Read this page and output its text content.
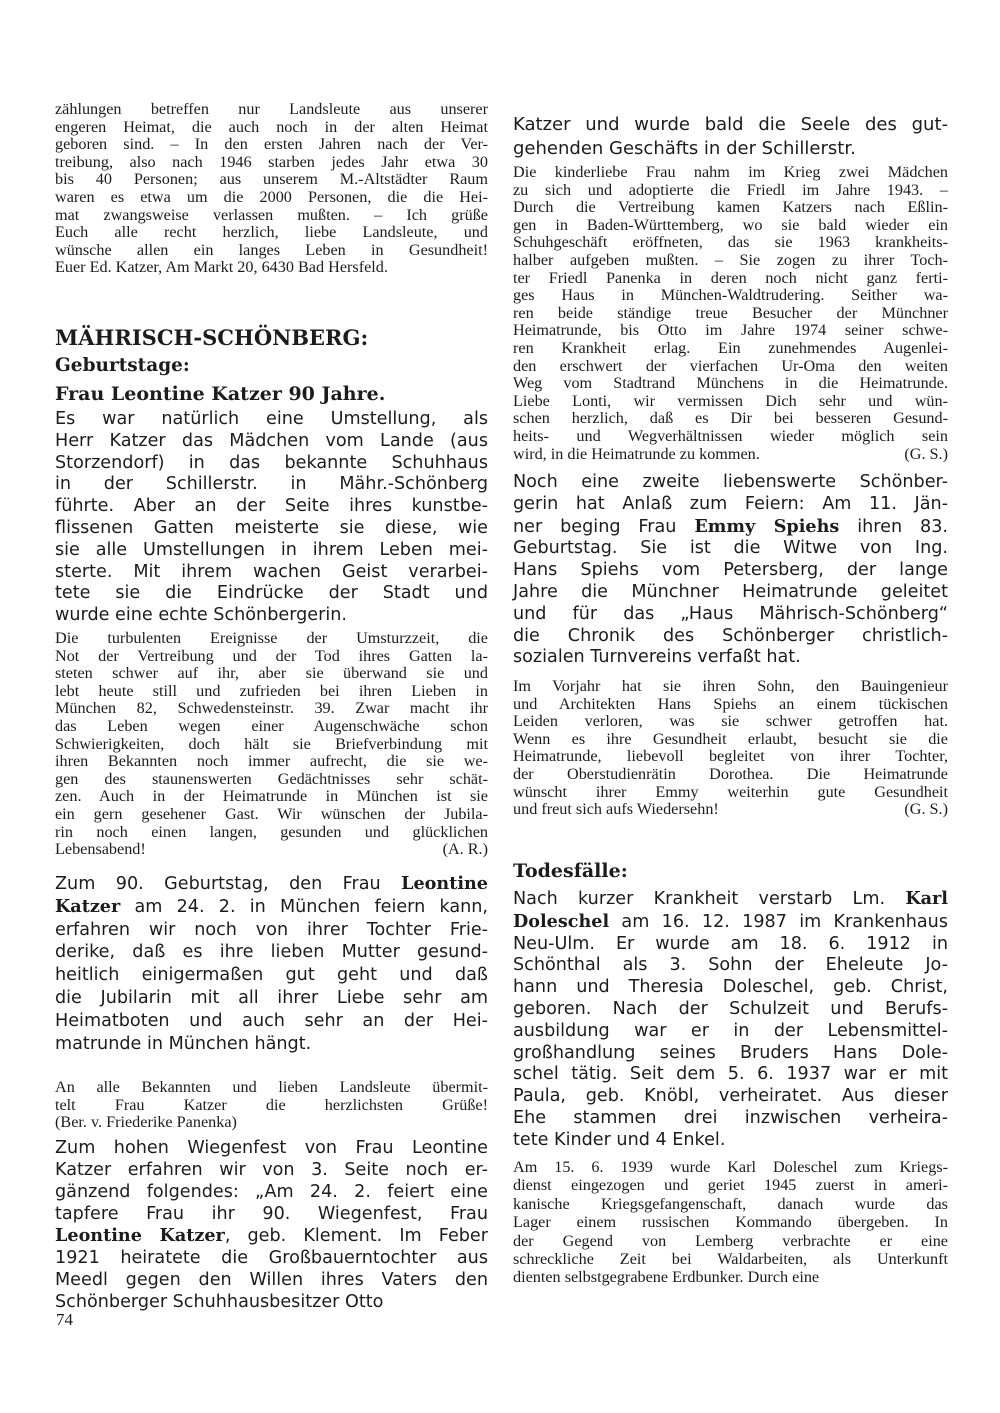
zählungen betreffen nur Landsleute aus unserer
engeren Heimat, die auch noch in der alten Heimat
geboren sind. – In den ersten Jahren nach der Ver-
treibung, also nach 1946 starben jedes Jahr etwa 30
bis 40 Personen; aus unserem M.-Altstädter Raum
waren es etwa um die 2000 Personen, die die Hei-
mat zwangsweise verlassen mußten. – Ich grüße
Euch alle recht herzlich, liebe Landsleute, und
wünsche allen ein langes Leben in Gesundheit!
Euer Ed. Katzer, Am Markt 20, 6430 Bad Hersfeld.
MÄHRISCH-SCHÖNBERG:
Geburtstage:
Frau Leontine Katzer 90 Jahre.
Es war natürlich eine Umstellung, als
Herr Katzer das Mädchen vom Lande (aus
Storzendorf) in das bekannte Schuhhaus
in der Schillerstr. in Mähr.-Schönberg
führte. Aber an der Seite ihres kunstbe-
flissenen Gatten meisterte sie diese, wie
sie alle Umstellungen in ihrem Leben mei-
sterte. Mit ihrem wachen Geist verarbei-
tete sie die Eindrücke der Stadt und
wurde eine echte Schönbergerin.
Die turbulenten Ereignisse der Umsturzzeit, die
Not der Vertreibung und der Tod ihres Gatten la-
steten schwer auf ihr, aber sie überwand sie und
lebt heute still und zufrieden bei ihren Lieben in
München 82, Schwedensteinstr. 39. Zwar macht ihr
das Leben wegen einer Augenschwäche schon
Schwierigkeiten, doch hält sie Briefverbindung mit
ihren Bekannten noch immer aufrecht, die sie we-
gen des staunenswerten Gedächtnisses sehr schät-
zen. Auch in der Heimatrunde in München ist sie
ein gern gesehener Gast. Wir wünschen der Jubila-
rin noch einen langen, gesunden und glücklichen
Lebensabend!	(A. R.)
Zum 90. Geburtstag, den Frau Leontine
Katzer am 24. 2. in München feiern kann,
erfahren wir noch von ihrer Tochter Frie-
derike, daß es ihre lieben Mutter gesund-
heitlich einigermaßen gut geht und daß
die Jubilarin mit all ihrer Liebe sehr am
Heimatboten und auch sehr an der Hei-
matrunde in München hängt.
An alle Bekannten und lieben Landsleute übermit-
telt Frau Katzer die herzlichsten Grüße!
(Ber. v. Friederike Panenka)
Zum hohen Wiegenfest von Frau Leontine
Katzer erfahren wir von 3. Seite noch er-
gänzend folgendes: „Am 24. 2. feiert eine
tapfere Frau ihr 90. Wiegenfest, Frau
Leontine Katzer, geb. Klement. Im Feber
1921 heiratete die Großbauerntochter aus
Meedl gegen den Willen ihres Vaters den
Schönberger Schuhhausbesitzer Otto
74
Katzer und wurde bald die Seele des gut-
gehenden Geschäfts in der Schillerstr.
Die kinderliebe Frau nahm im Krieg zwei Mädchen
zu sich und adoptierte die Friedl im Jahre 1943. –
Durch die Vertreibung kamen Katzers nach Eßlin-
gen in Baden-Württemberg, wo sie bald wieder ein
Schuhgeschäft eröffneten, das sie 1963 krankheits-
halber aufgeben mußten. – Sie zogen zu ihrer Toch-
ter Friedl Panenka in deren noch nicht ganz ferti-
ges Haus in München-Waldtrudering. Seither wa-
ren beide ständige treue Besucher der Münchner
Heimatrunde, bis Otto im Jahre 1974 seiner schwe-
ren Krankheit erlag. Ein zunehmendes Augenlei-
den erschwert der vierfachen Ur-Oma den weiten
Weg vom Stadtrand Münchens in die Heimatrunde.
Liebe Lonti, wir vermissen Dich sehr und wün-
schen herzlich, daß es Dir bei besseren Gesund-
heits- und Wegverhältnissen wieder möglich sein
wird, in die Heimatrunde zu kommen.	(G. S.)
Noch eine zweite liebenswerte Schönber-
gerin hat Anlaß zum Feiern: Am 11. Jän-
ner beging Frau Emmy Spiehs ihren 83.
Geburtstag. Sie ist die Witwe von Ing.
Hans Spiehs vom Petersberg, der lange
Jahre die Münchner Heimatrunde geleitet
und für das „Haus Mährisch-Schönberg“
die Chronik des Schönberger christlich-
sozialen Turnvereins verfaßt hat.
Im Vorjahr hat sie ihren Sohn, den Bauingenieur
und Architekten Hans Spiehs an einem tückischen
Leiden verloren, was sie schwer getroffen hat.
Wenn es ihre Gesundheit erlaubt, besucht sie die
Heimatrunde, liebevoll begleitet von ihrer Tochter,
der Oberstudienrätin Dorothea. Die Heimatrunde
wünscht ihrer Emmy weiterhin gute Gesundheit
und freut sich aufs Wiedersehn!	(G. S.)
Todesfälle:
Nach kurzer Krankheit verstarb Lm. Karl
Doleschel am 16. 12. 1987 im Krankenhaus
Neu-Ulm. Er wurde am 18. 6. 1912 in
Schönthal als 3. Sohn der Eheleute Jo-
hann und Theresia Doleschel, geb. Christ,
geboren. Nach der Schulzeit und Berufs-
ausbildung war er in der Lebensmittel-
großhandlung seines Bruders Hans Dole-
schel tätig. Seit dem 5. 6. 1937 war er mit
Paula, geb. Knöbl, verheiratet. Aus dieser
Ehe stammen drei inzwischen verheira-
tete Kinder und 4 Enkel.
Am 15. 6. 1939 wurde Karl Doleschel zum Kriegs-
dienst eingezogen und geriet 1945 zuerst in ameri-
kanische Kriegsgefangenschaft, danach wurde das
Lager einem russischen Kommando übergeben. In
der Gegend von Lemberg verbrachte er eine
schreckliche Zeit bei Waldarbeiten, als Unterkunft
dienten selbstgegrabene Erdbunker. Durch eine
